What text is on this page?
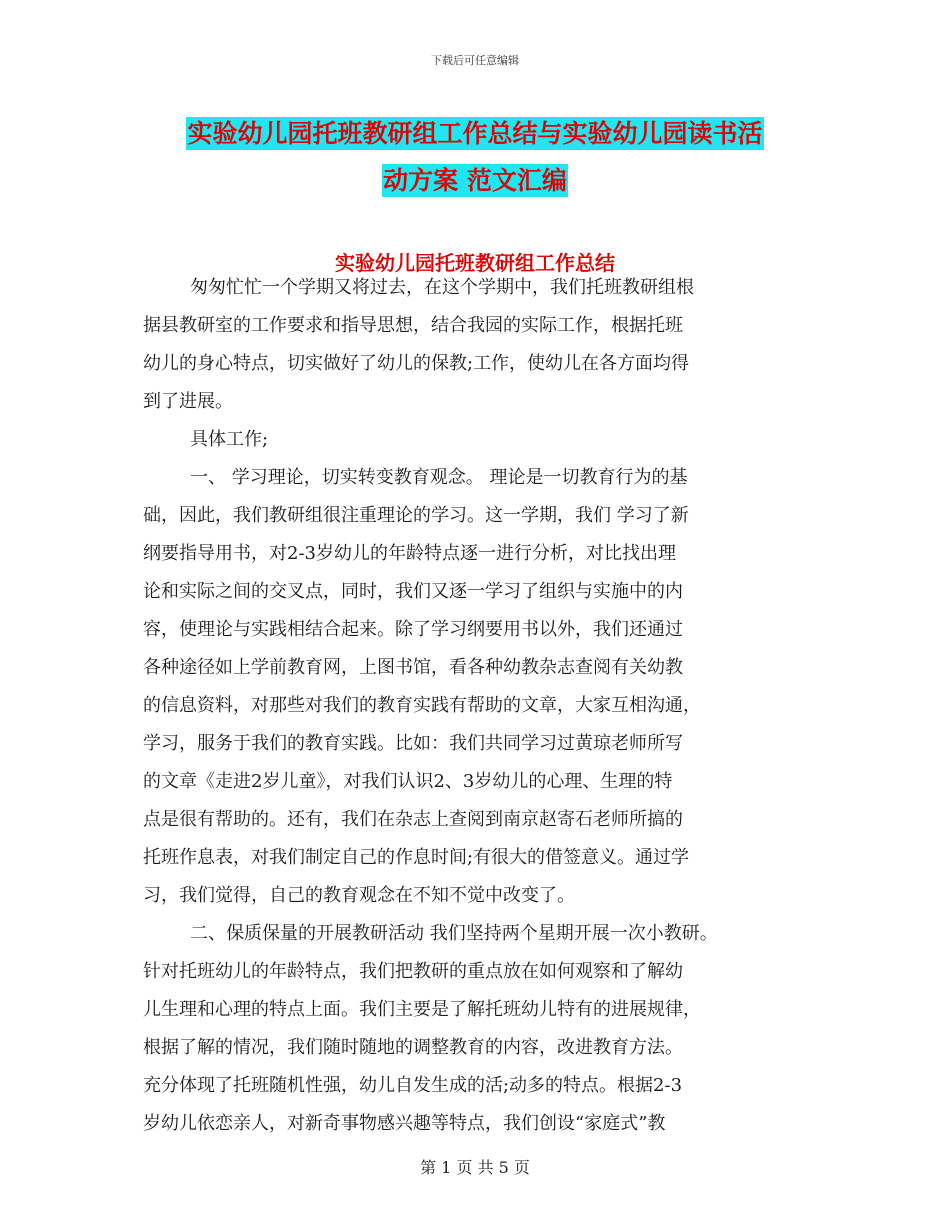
下载后可任意编辑
实验幼儿园托班教研组工作总结与实验幼儿园读书活
动方案 范文汇编
实验幼儿园托班教研组工作总结
匆匆忙忙一个学期又将过去，在这个学期中，我们托班教研组根
据县教研室的工作要求和指导思想，结合我园的实际工作，根据托班
幼儿的身心特点，切实做好了幼儿的保教;工作，使幼儿在各方面均得
到了进展。
具体工作;
一、 学习理论，切实转变教育观念。 理论是一切教育行为的基
础，因此，我们教研组很注重理论的学习。这一学期，我们 学习了新
纲要指导用书，对2-3岁幼儿的年龄特点逐一进行分析，对比找出理
论和实际之间的交叉点，同时，我们又逐一学习了组织与实施中的内
容，使理论与实践相结合起来。除了学习纲要用书以外，我们还通过
各种途径如上学前教育网，上图书馆，看各种幼教杂志查阅有关幼教
的信息资料，对那些对我们的教育实践有帮助的文章，大家互相沟通，
学习，服务于我们的教育实践。比如：我们共同学习过黄琼老师所写
的文章《走进2岁儿童》，对我们认识2、3岁幼儿的心理、生理的特
点是很有帮助的。还有，我们在杂志上查阅到南京赵寄石老师所搞的
托班作息表，对我们制定自己的作息时间;有很大的借签意义。通过学
习，我们觉得，自己的教育观念在不知不觉中改变了。
二、保质保量的开展教研活动 我们坚持两个星期开展一次小教研。
针对托班幼儿的年龄特点，我们把教研的重点放在如何观察和了解幼
儿生理和心理的特点上面。我们主要是了解托班幼儿特有的进展规律，
根据了解的情况，我们随时随地的调整教育的内容，改进教育方法。
充分体现了托班随机性强，幼儿自发生成的活;动多的特点。根据2-3
岁幼儿依恋亲人，对新奇事物感兴趣等特点，我们创设“家庭式”教
第 1 页 共 5 页
